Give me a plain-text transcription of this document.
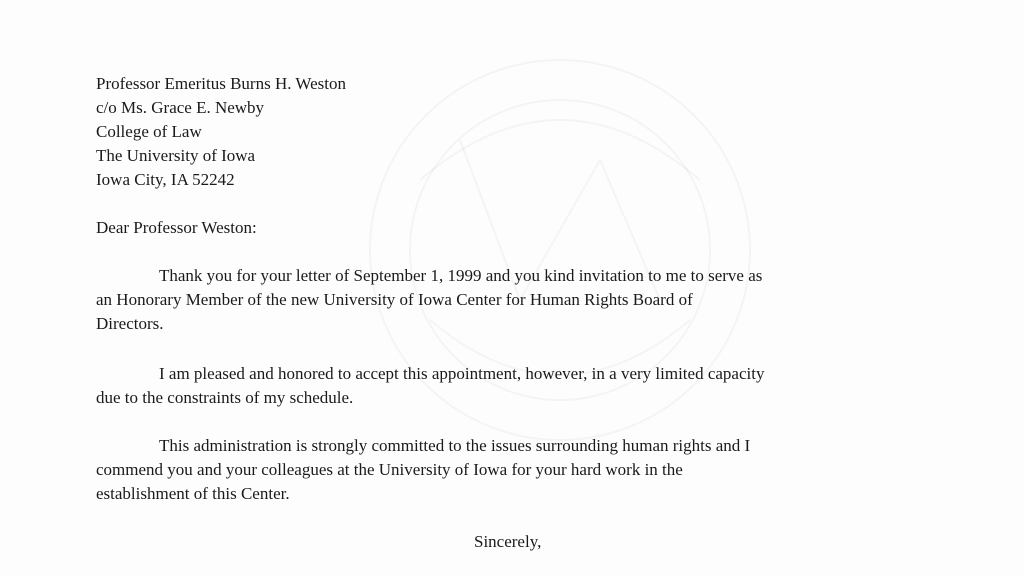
Professor Emeritus Burns H. Weston
c/o Ms. Grace E. Newby
College of Law
The University of Iowa
Iowa City, IA 52242
Dear Professor Weston:
Thank you for your letter of September 1, 1999 and you kind invitation to me to serve as
an Honorary Member of the new University of Iowa Center for Human Rights Board of
Directors.
I am pleased and honored to accept this appointment, however, in a very limited capacity
due to the constraints of my schedule.
This administration is strongly committed to the issues surrounding human rights and I
commend you and your colleagues at the University of Iowa for your hard work in the
establishment of this Center.
Sincerely,
